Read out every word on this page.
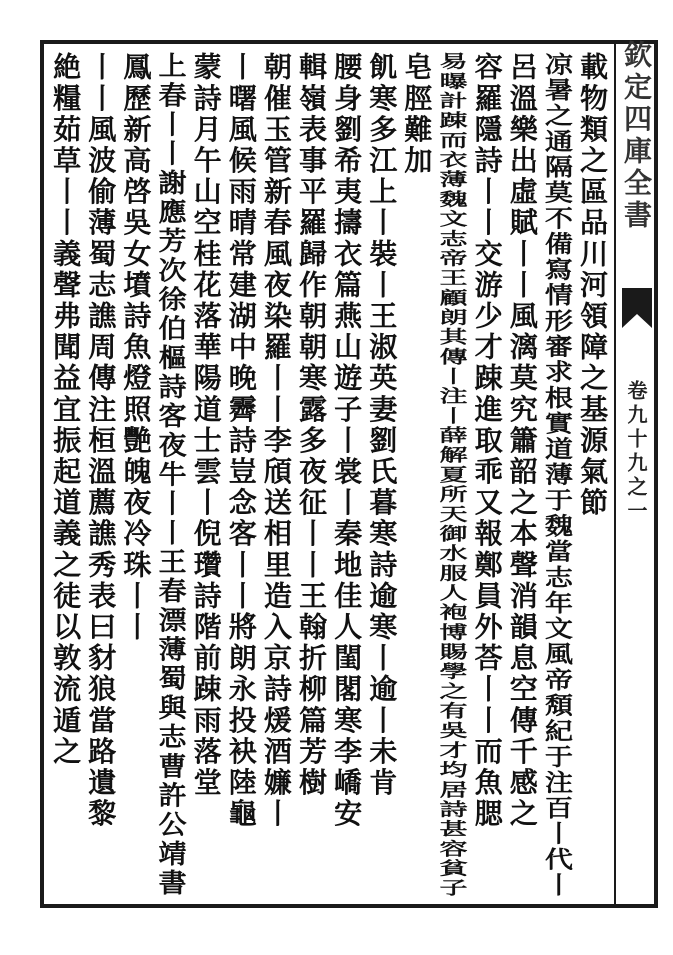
欽定四庫全書
卷九十九之一
載物類之區品川河領障之基源氣節
凉暑之通隔莫不備寫情形審求根實道薄于魏當志年文風帝頽紀于注百丨代丨
呂溫樂出虛賦丨丨風漓莫究簫韶之本聲消韻息空傳千感之
容羅隱詩丨丨交游少才踈進取乖又報鄭員外荅丨丨而魚腮
易曝計踈而衣薄魏文志帝王顧朗其傳丨注丨薛解夏所天御水服人袍博賜學之有吳才均居詩甚容貧子
皂脛難加
飢寒多江上丨裝丨王淑英妻劉氏暮寒詩逾寒丨逾丨未肯
腰身劉希夷擣衣篇燕山遊子丨裳丨秦地佳人閨閣寒李嶠安
輯嶺表事平羅歸作朝朝寒露多夜征丨丨王翰折柳篇芳樹
朝催玉管新春風夜染羅丨丨李頎送相里造入京詩煖酒嬚丨
丨曙風候雨晴常建湖中晚霽詩豈念客丨丨將朗永投袂陸龜
蒙詩月午山空桂花落華陽道士雲丨倪瓚詩階前踈雨落堂
上春丨丨謝應芳次徐伯樞詩客夜牛丨丨王春漂薄蜀與志曹許公靖書
鳳歷新高啓吳女墳詩魚燈照艷魄夜冷珠丨丨
丨丨風波偷薄蜀志譙周傳注桓溫薦譙秀表曰豺狼當路遺黎
絶糧茹草丨丨義聲弗聞益宜振起道義之徒以敦流遁之
